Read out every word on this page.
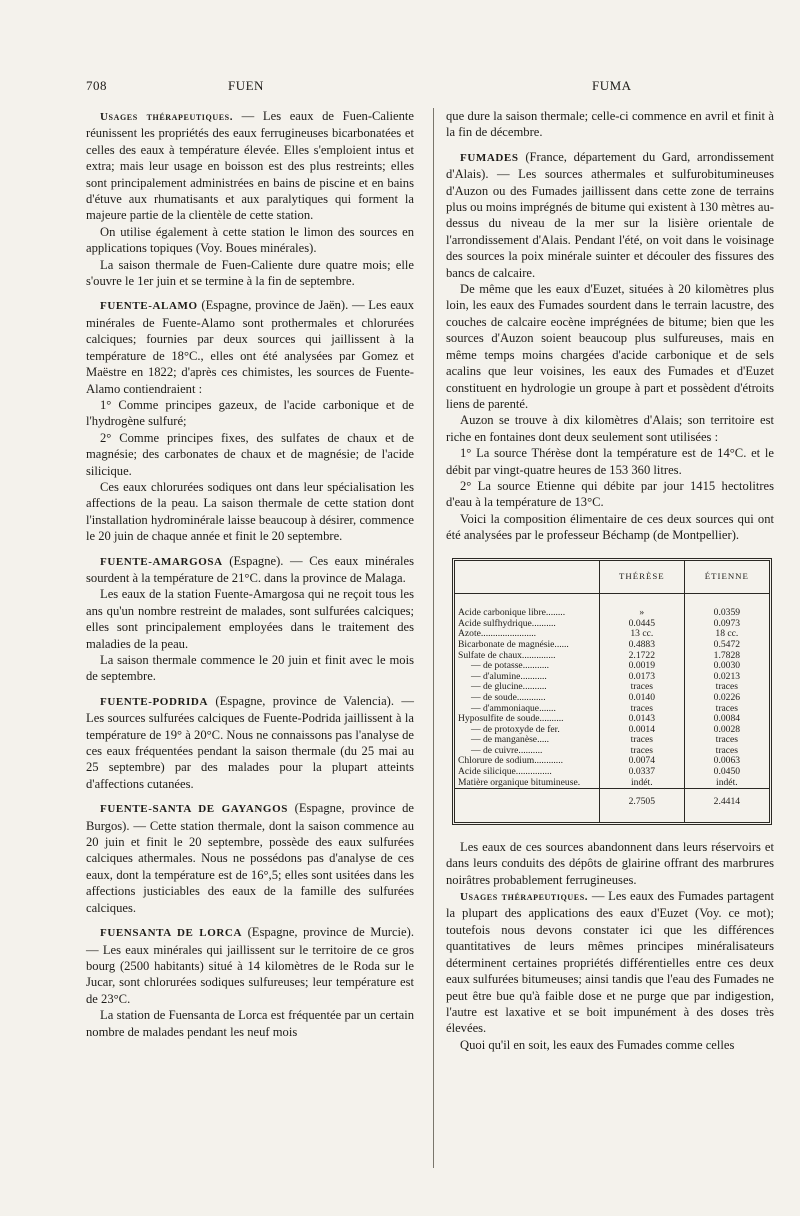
708	FUEN	FUMA

Usages thérapeutiques. — Les eaux de Fuen-Caliente réunissent les propriétés des eaux ferrugineuses bicarbonatées et celles des eaux à température élevée. Elles s'emploient intus et extra; mais leur usage en boisson est des plus restreints; elles sont principalement administrées en bains de piscine et en bains d'étuve aux rhumatisants et aux paralytiques qui forment la majeure partie de la clientèle de cette station.

On utilise également à cette station le limon des sources en applications topiques (Voy. Boues minérales).

La saison thermale de Fuen-Caliente dure quatre mois; elle s'ouvre le 1er juin et se termine à la fin de septembre.

FUENTE-ALAMO (Espagne, province de Jaën). — Les eaux minérales de Fuente-Alamo sont prothermales et chlorurées calciques; fournies par deux sources qui jaillissent à la température de 18°C., elles ont été analysées par Gomez et Maëstre en 1822; d'après ces chimistes, les sources de Fuente-Alamo contiendraient :

1° Comme principes gazeux, de l'acide carbonique et de l'hydrogène sulfuré;

2° Comme principes fixes, des sulfates de chaux et de magnésie; des carbonates de chaux et de magnésie; de l'acide silicique.

Ces eaux chlorurées sodiques ont dans leur spécialisation les affections de la peau. La saison thermale de cette station dont l'installation hydrominérale laisse beaucoup à désirer, commence le 20 juin de chaque année et finit le 20 septembre.

FUENTE-AMARGOSA (Espagne). — Ces eaux minérales sourdent à la température de 21°C. dans la province de Malaga.

Les eaux de la station Fuente-Amargosa qui ne reçoit tous les ans qu'un nombre restreint de malades, sont sulfurées calciques; elles sont principalement employées dans le traitement des maladies de la peau.

La saison thermale commence le 20 juin et finit avec le mois de septembre.

FUENTE-PODRIDA (Espagne, province de Valencia). — Les sources sulfurées calciques de Fuente-Podrida jaillissent à la température de 19° à 20°C. Nous ne connaissons pas l'analyse de ces eaux fréquentées pendant la saison thermale (du 25 mai au 25 septembre) par des malades pour la plupart atteints d'affections cutanées.

FUENTE-SANTA DE GAYANGOS (Espagne, province de Burgos). — Cette station thermale, dont la saison commence au 20 juin et finit le 20 septembre, possède des eaux sulfurées calciques athermales. Nous ne possédons pas d'analyse de ces eaux, dont la température est de 16°,5; elles sont usitées dans les affections justiciables des eaux de la famille des sulfurées calciques.

FUENSANTA DE LORCA (Espagne, province de Murcie). — Les eaux minérales qui jaillissent sur le territoire de ce gros bourg (2500 habitants) situé à 14 kilomètres de le Roda sur le Jucar, sont chlorurées sodiques sulfureuses; leur température est de 23°C.

La station de Fuensanta de Lorca est fréquentée par un certain nombre de malades pendant les neuf mois

que dure la saison thermale; celle-ci commence en avril et finit à la fin de décembre.

FUMADES (France, département du Gard, arrondissement d'Alais). — Les sources athermales et sulfurobitumineuses d'Auzon ou des Fumades jaillissent dans cette zone de terrains plus ou moins imprégnés de bitume qui existent à 130 mètres au-dessus du niveau de la mer sur la lisière orientale de l'arrondissement d'Alais. Pendant l'été, on voit dans le voisinage des sources la poix minérale suinter et découler des fissures des bancs de calcaire.

De même que les eaux d'Euzet, situées à 20 kilomètres plus loin, les eaux des Fumades sourdent dans le terrain lacustre, des couches de calcaire eocène imprégnées de bitume; bien que les sources d'Auzon soient beaucoup plus sulfureuses, mais en même temps moins chargées d'acide carbonique et de sels acalins que leur voisines, les eaux des Fumades et d'Euzet constituent en hydrologie un groupe à part et possèdent d'étroits liens de parenté.

Auzon se trouve à dix kilomètres d'Alais; son territoire est riche en fontaines dont deux seulement sont utilisées :

1° La source Thérèse dont la température est de 14°C. et le débit par vingt-quatre heures de 153 360 litres.

2° La source Etienne qui débite par jour 1415 hectolitres d'eau à la température de 13°C.

Voici la composition élimentaire de ces deux sources qui ont été analysées par le professeur Béchamp (de Montpellier).

	THÉRÈSE	ÉTIENNE

Acide carbonique libre........	»	0.0359
Acide sulfhydrique..........	0.0445	0.0973
Azote.......................	13 cc.	18 cc.
Bicarbonate de magnésie......	0.4883	0.5472
Sulfate de chaux..............	2.1722	1.7828
— de potasse...........	0.0019	0.0030
— d'alumine...........	0.0173	0.0213
— de glucine..........	traces	traces
— de soude............	0.0140	0.0226
— d'ammoniaque.......	traces	traces
Hyposulfite de soude..........	0.0143	0.0084
— de protoxyde de fer.	0.0014	0.0028
— de manganèse.....	traces	traces
— de cuivre..........	traces	traces
Chlorure de sodium............	0.0074	0.0063
Acide silicique...............	0.0337	0.0450
Matière organique bitumineuse.	indét.	indét.
	2.7505	2.4414

Les eaux de ces sources abandonnent dans leurs réservoirs et dans leurs conduits des dépôts de glairine offrant des marbrures noirâtres probablement ferrugineuses.

Usages thérapeutiques. — Les eaux des Fumades partagent la plupart des applications des eaux d'Euzet (Voy. ce mot); toutefois nous devons constater ici que les différences quantitatives de leurs mêmes principes minéralisateurs déterminent certaines propriétés différentielles entre ces deux eaux sulfurées bitumeuses; ainsi tandis que l'eau des Fumades ne peut être bue qu'à faible dose et ne purge que par indigestion, l'autre est laxative et se boit impunément à des doses très élevées.

Quoi qu'il en soit, les eaux des Fumades comme celles
